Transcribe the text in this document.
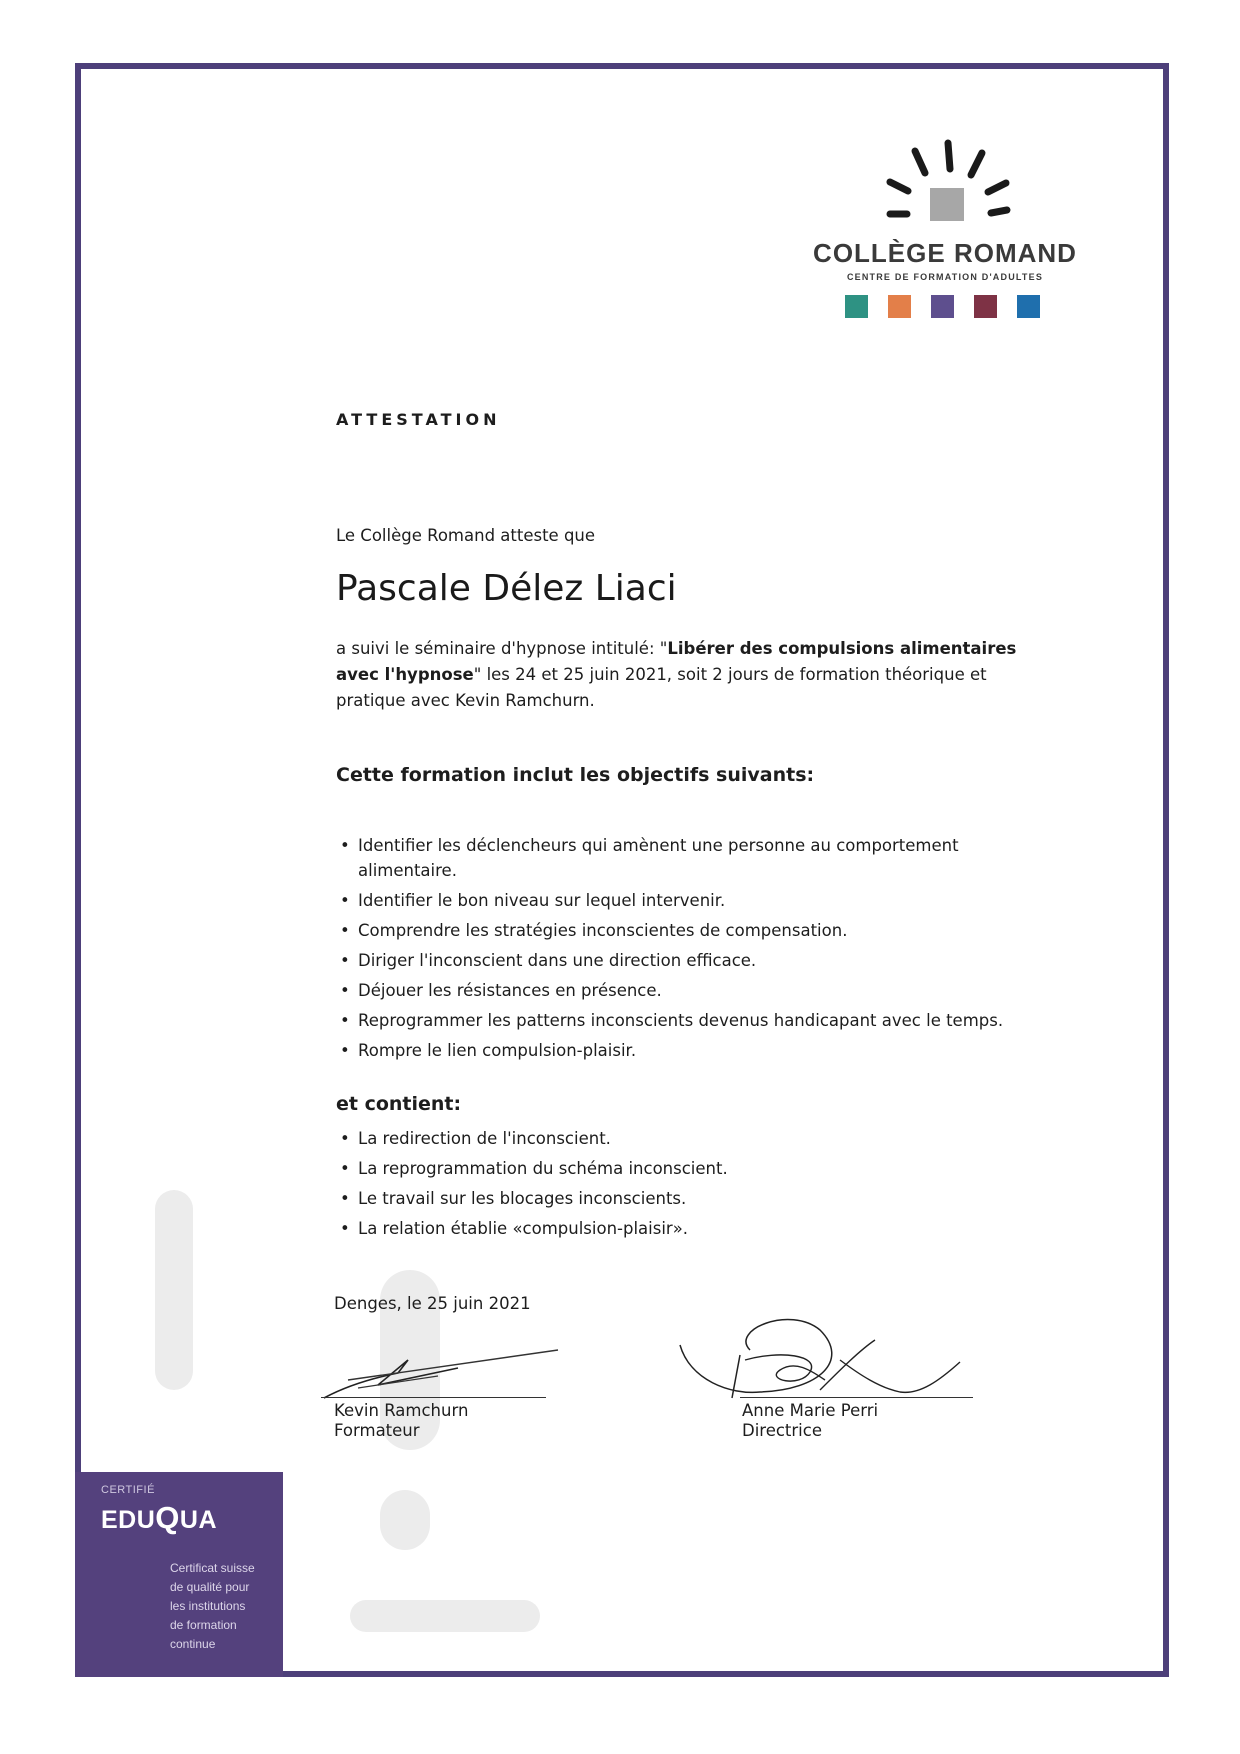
COLLÈGE ROMAND
CENTRE DE FORMATION D'ADULTES
ATTESTATION
Le Collège Romand atteste que
Pascale Délez Liaci
a suivi le séminaire d'hypnose intitulé: "Libérer des compulsions alimentaires avec l'hypnose" les 24 et 25 juin 2021, soit 2 jours de formation théorique et pratique avec Kevin Ramchurn.
Cette formation inclut les objectifs suivants:
• Identifier les déclencheurs qui amènent une personne au comportement alimentaire.
• Identifier le bon niveau sur lequel intervenir.
• Comprendre les stratégies inconscientes de compensation.
• Diriger l'inconscient dans une direction efficace.
• Déjouer les résistances en présence.
• Reprogrammer les patterns inconscients devenus handicapant avec le temps.
• Rompre le lien compulsion-plaisir.
et contient:
• La redirection de l'inconscient.
• La reprogrammation du schéma inconscient.
• Le travail sur les blocages inconscients.
• La relation établie «compulsion-plaisir».
Denges, le 25 juin 2021
Kevin Ramchurn
Formateur
Anne Marie Perri
Directrice
CERTIFIÉ
EDUQUA
Certificat suisse
de qualité pour
les institutions
de formation
continue
